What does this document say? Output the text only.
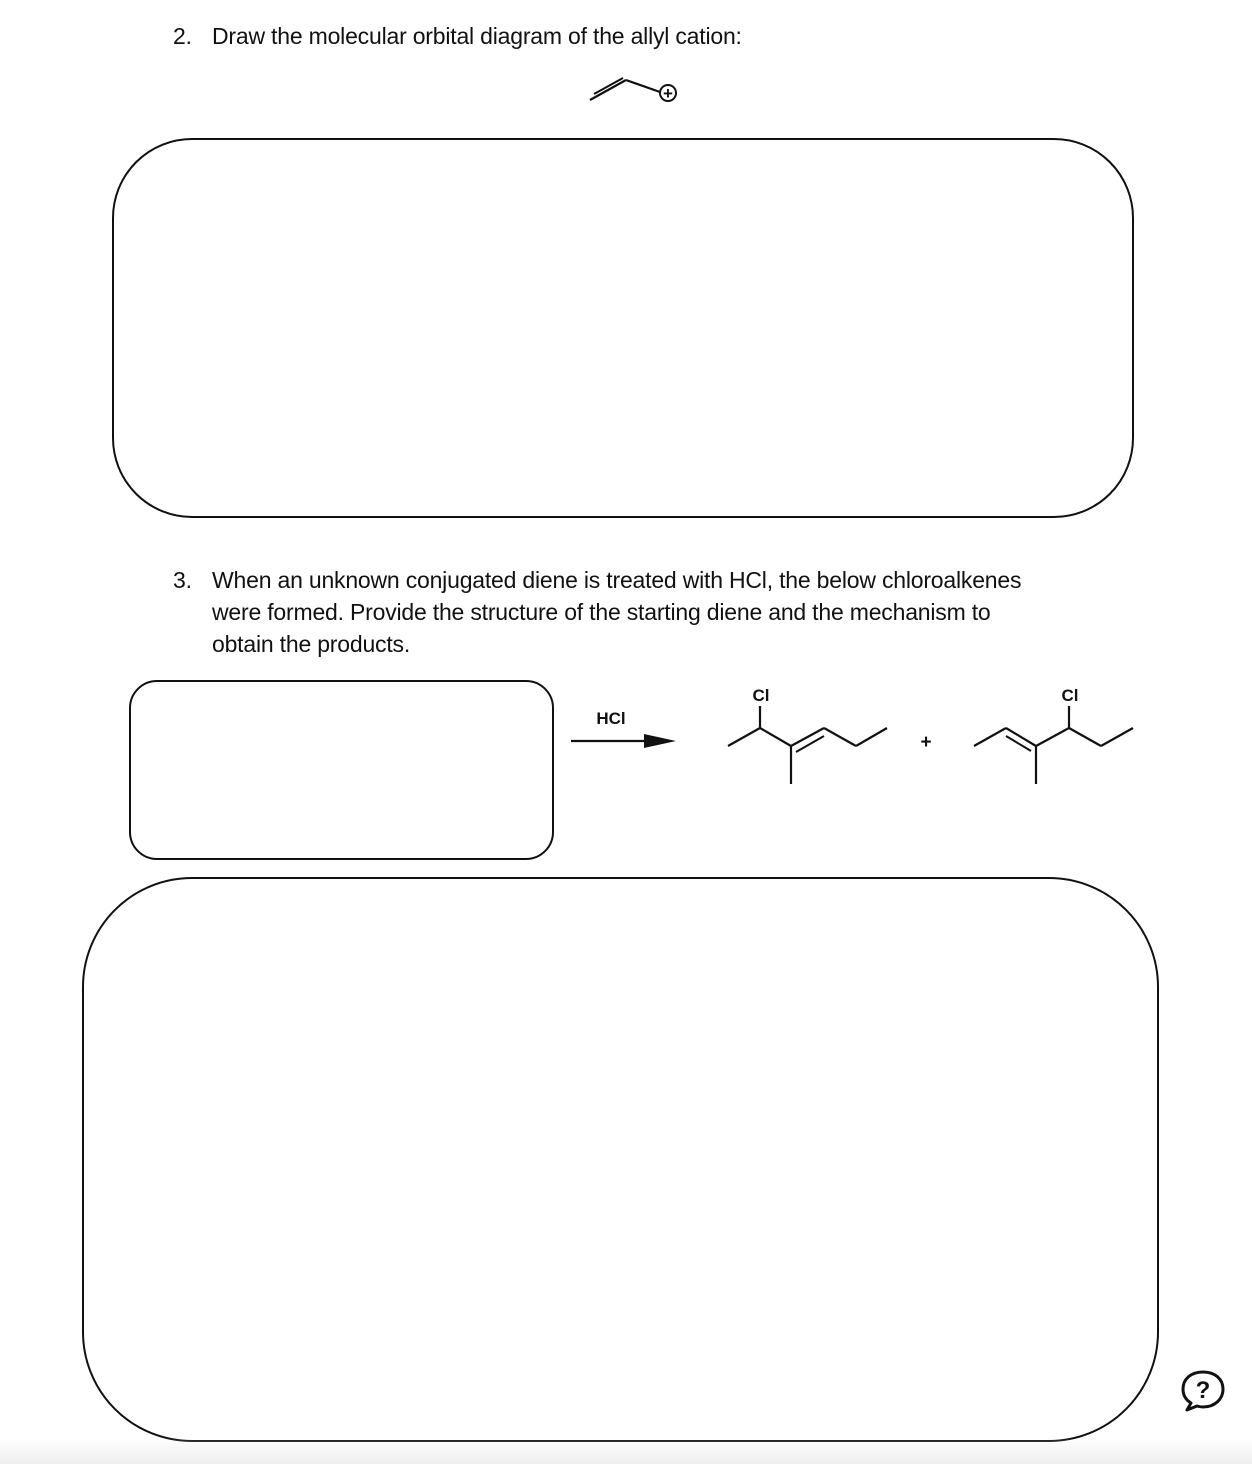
2. Draw the molecular orbital diagram of the allyl cation:
+
3. When an unknown conjugated diene is treated with HCl, the below chloroalkenes
were formed. Provide the structure of the starting diene and the mechanism to
obtain the products.
HCl
Cl
+
Cl
?
